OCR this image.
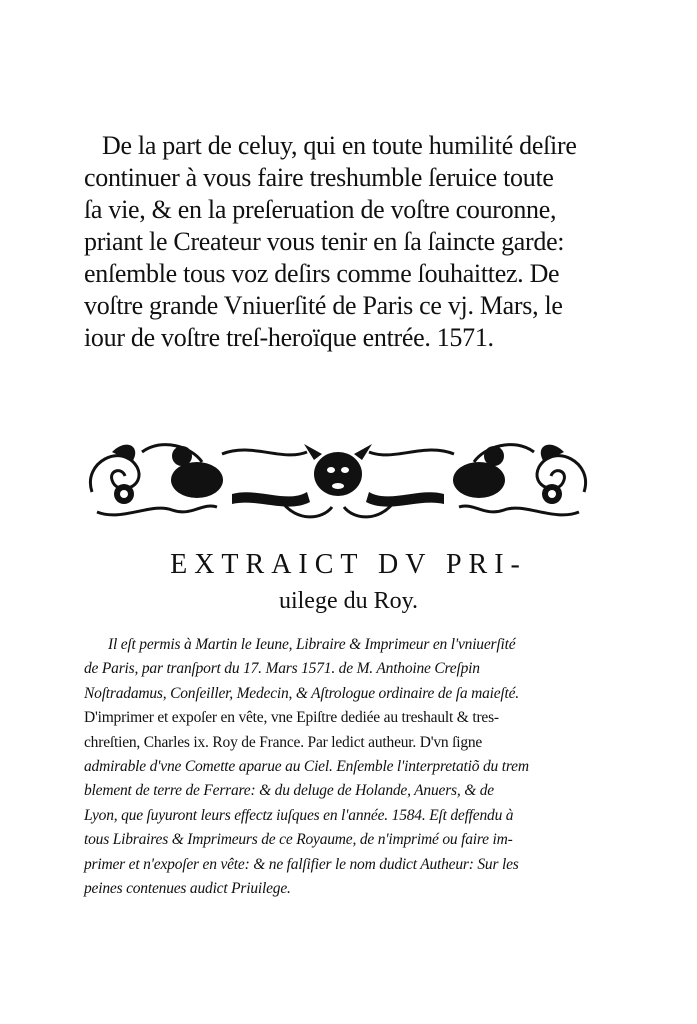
De la part de celuy, qui en toute humilité deſire
continuer à vous faire treshumble ſeruice toute
ſa vie, & en la preſeruation de voſtre couronne,
priant le Createur vous tenir en ſa ſaincte garde:
enſemble tous voz deſirs comme ſouhaittez. De
voſtre grande Vniuerſité de Paris ce vj. Mars, le
iour de voſtre treſ-heroïque entrée. 1571.
EXTRAICT DV PRI-
uilege du Roy.
Il eſt permis à Martin le Ieune, Libraire & Imprimeur en l'vniuerſité
de Paris, par tranſport du 17. Mars 1571. de M. Anthoine Creſpin
Noſtradamus, Conſeiller, Medecin, & Aſtrologue ordinaire de ſa maieſté.
D'imprimer et expoſer en vête, vne Epiſtre dediée au treshault & tres-
chreſtien, Charles ix. Roy de France. Par ledict autheur. D'vn ſigne
admirable d'vne Comette aparue au Ciel. Enſemble l'interpretatiõ du trem
blement de terre de Ferrare: & du deluge de Holande, Anuers, & de
Lyon, que ſuyuront leurs effectz iuſques en l'année. 1584. Eſt deffendu à
tous Libraires & Imprimeurs de ce Royaume, de n'imprimé ou faire im-
primer et n'expoſer en vête: & ne falſifier le nom dudict Autheur: Sur les
peines contenues audict Priuilege.
